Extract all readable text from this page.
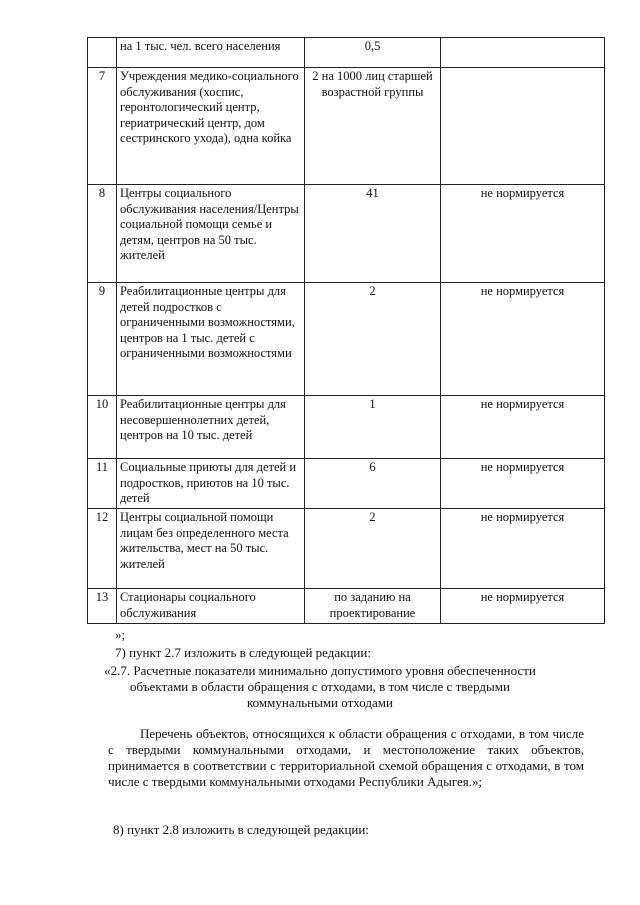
	на 1 тыс. чел. всего населения	0,5	
7	Учреждения медико-социального обслуживания (хоспис, геронтологический центр, гериатрический центр, дом сестринского ухода), одна койка	2 на 1000 лиц старшей возрастной группы	
8	Центры социального обслуживания населения/Центры социальной помощи семье и детям, центров на 50 тыс. жителей	41	не нормируется
9	Реабилитационные центры для детей подростков с ограниченными возможностями, центров на 1 тыс. детей с ограниченными возможностями	2	не нормируется
10	Реабилитационные центры для несовершеннолетних детей, центров на 10 тыс. детей	1	не нормируется
11	Социальные приюты для детей и подростков, приютов на 10 тыс. детей	6	не нормируется
12	Центры социальной помощи лицам без определенного места жительства, мест на 50 тыс. жителей	2	не нормируется
13	Стационары социального обслуживания	по заданию на проектирование	не нормируется
»;
7) пункт 2.7 изложить в следующей редакции:
«2.7. Расчетные показатели минимально допустимого уровня обеспеченности
объектами в области обращения с отходами, в том числе с твердыми
коммунальными отходами
Перечень объектов, относящихся к области обращения с отходами, в том числе с твердыми коммунальными отходами, и местоположение таких объектов, принимается в соответствии с территориальной схемой обращения с отходами, в том числе с твердыми коммунальными отходами Республики Адыгея.»;
8) пункт 2.8 изложить в следующей редакции:
